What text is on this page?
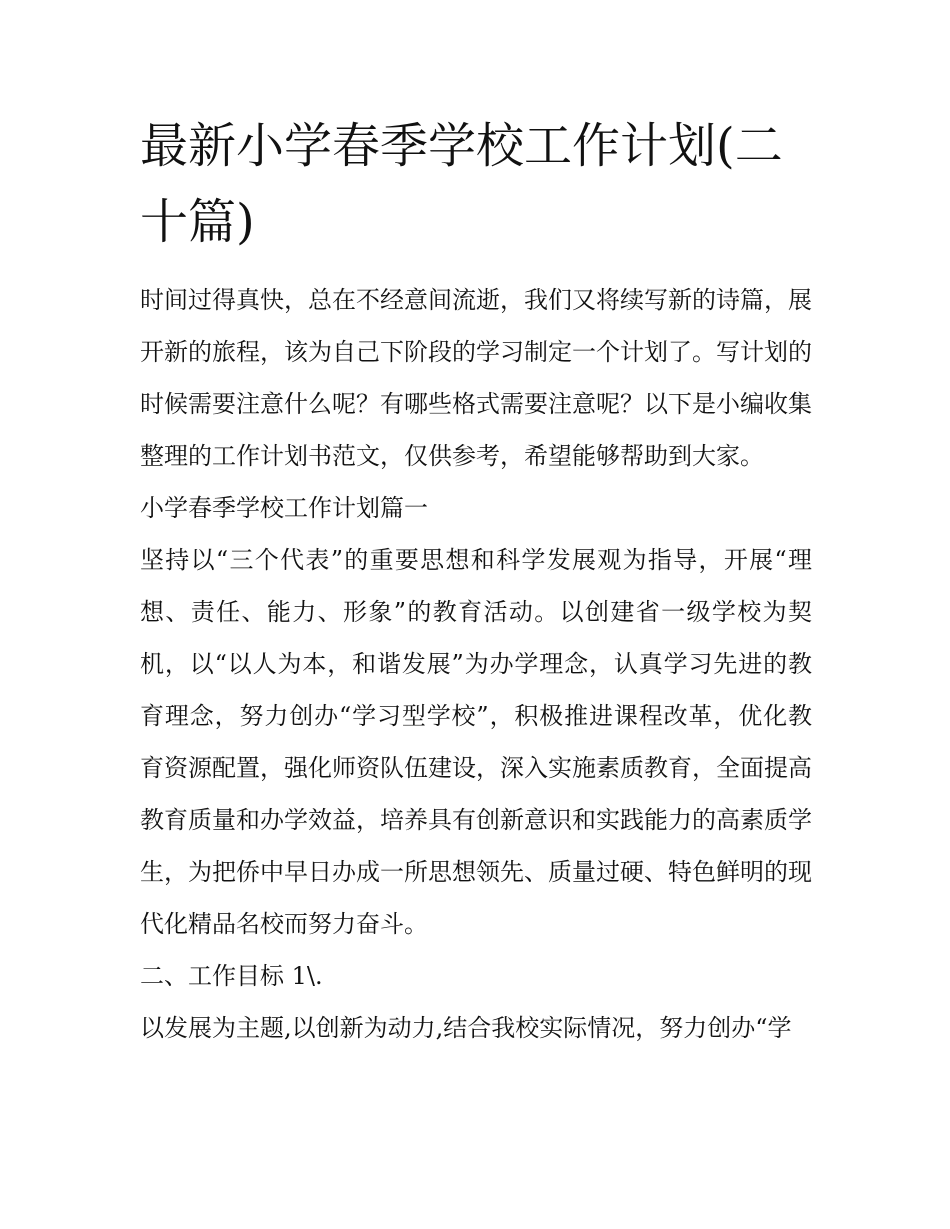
最新小学春季学校工作计划(二十篇)

时间过得真快，总在不经意间流逝，我们又将续写新的诗篇，展开新的旅程，该为自己下阶段的学习制定一个计划了。写计划的时候需要注意什么呢？有哪些格式需要注意呢？以下是小编收集整理的工作计划书范文，仅供参考，希望能够帮助到大家。

小学春季学校工作计划篇一

坚持以“三个代表”的重要思想和科学发展观为指导，开展“理想、责任、能力、形象”的教育活动。以创建省一级学校为契机，以“以人为本，和谐发展”为办学理念，认真学习先进的教育理念，努力创办“学习型学校”，积极推进课程改革，优化教育资源配置，强化师资队伍建设，深入实施素质教育，全面提高教育质量和办学效益，培养具有创新意识和实践能力的高素质学生，为把侨中早日办成一所思想领先、质量过硬、特色鲜明的现代化精品名校而努力奋斗。

二、工作目标 1\.

以发展为主题,以创新为动力,结合我校实际情况，努力创办“学
